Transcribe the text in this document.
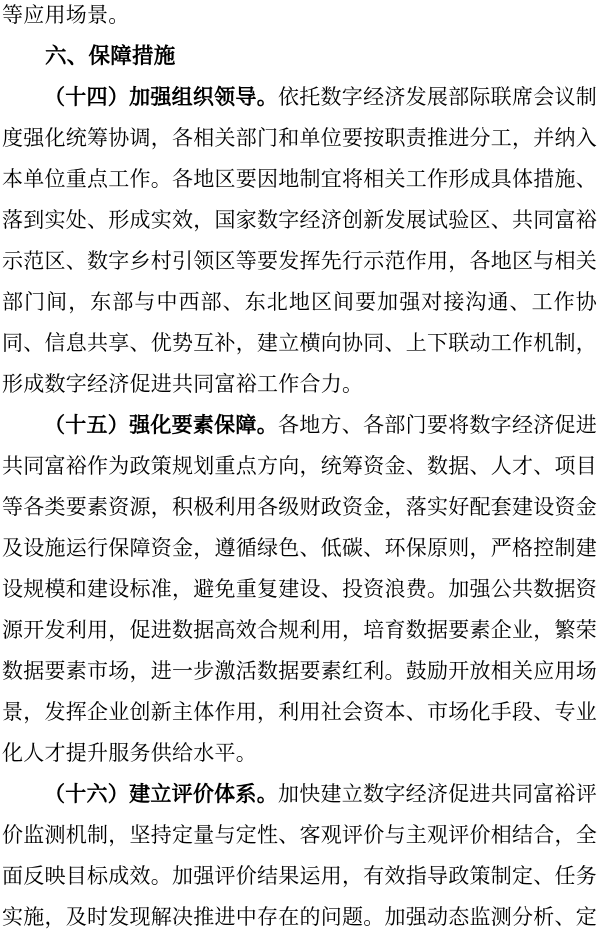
等应用场景。

六、保障措施

（十四）加强组织领导。依托数字经济发展部际联席会议制度强化统筹协调，各相关部门和单位要按职责推进分工，并纳入本单位重点工作。各地区要因地制宜将相关工作形成具体措施、落到实处、形成实效，国家数字经济创新发展试验区、共同富裕示范区、数字乡村引领区等要发挥先行示范作用，各地区与相关部门间，东部与中西部、东北地区间要加强对接沟通、工作协同、信息共享、优势互补，建立横向协同、上下联动工作机制，形成数字经济促进共同富裕工作合力。

（十五）强化要素保障。各地方、各部门要将数字经济促进共同富裕作为政策规划重点方向，统筹资金、数据、人才、项目等各类要素资源，积极利用各级财政资金，落实好配套建设资金及设施运行保障资金，遵循绿色、低碳、环保原则，严格控制建设规模和建设标准，避免重复建设、投资浪费。加强公共数据资源开发利用，促进数据高效合规利用，培育数据要素企业，繁荣数据要素市场，进一步激活数据要素红利。鼓励开放相关应用场景，发挥企业创新主体作用，利用社会资本、市场化手段、专业化人才提升服务供给水平。

（十六）建立评价体系。加快建立数字经济促进共同富裕评价监测机制，坚持定量与定性、客观评价与主观评价相结合，全面反映目标成效。加强评价结果运用，有效指导政策制定、任务实施，及时发现解决推进中存在的问题。加强动态监测分析、定
